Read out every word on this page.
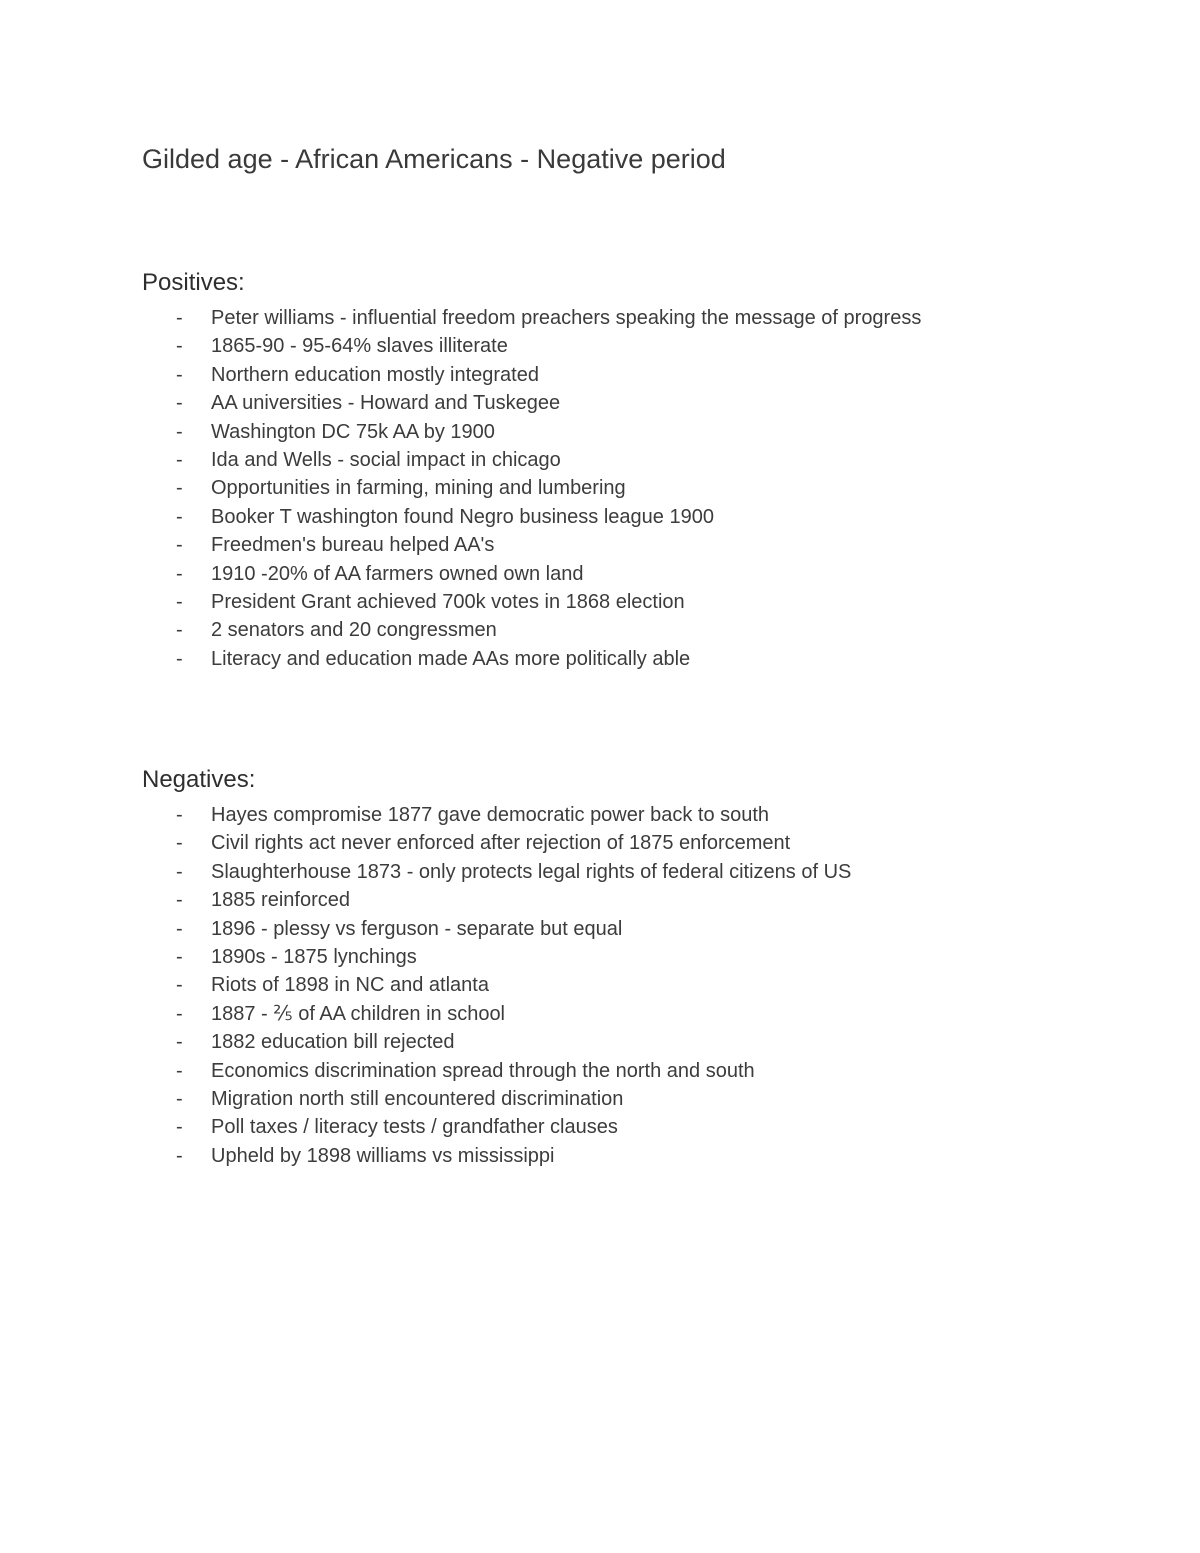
Gilded age - African Americans - Negative period
Positives:
- Peter williams - influential freedom preachers speaking the message of progress
- 1865-90 - 95-64% slaves illiterate
- Northern education mostly integrated
- AA universities - Howard and Tuskegee
- Washington DC 75k AA by 1900
- Ida and Wells - social impact in chicago
- Opportunities in farming, mining and lumbering
- Booker T washington found Negro business league 1900
- Freedmen's bureau helped AA's
- 1910 -20% of AA farmers owned own land
- President Grant achieved 700k votes in 1868 election
- 2 senators and 20 congressmen
- Literacy and education made AAs more politically able
Negatives:
- Hayes compromise 1877 gave democratic power back to south
- Civil rights act never enforced after rejection of 1875 enforcement
- Slaughterhouse 1873 - only protects legal rights of federal citizens of US
- 1885 reinforced
- 1896 - plessy vs ferguson - separate but equal
- 1890s - 1875 lynchings
- Riots of 1898 in NC and atlanta
- 1887 - ⅖ of AA children in school
- 1882 education bill rejected
- Economics discrimination spread through the north and south
- Migration north still encountered discrimination
- Poll taxes / literacy tests / grandfather clauses
- Upheld by 1898 williams vs mississippi
